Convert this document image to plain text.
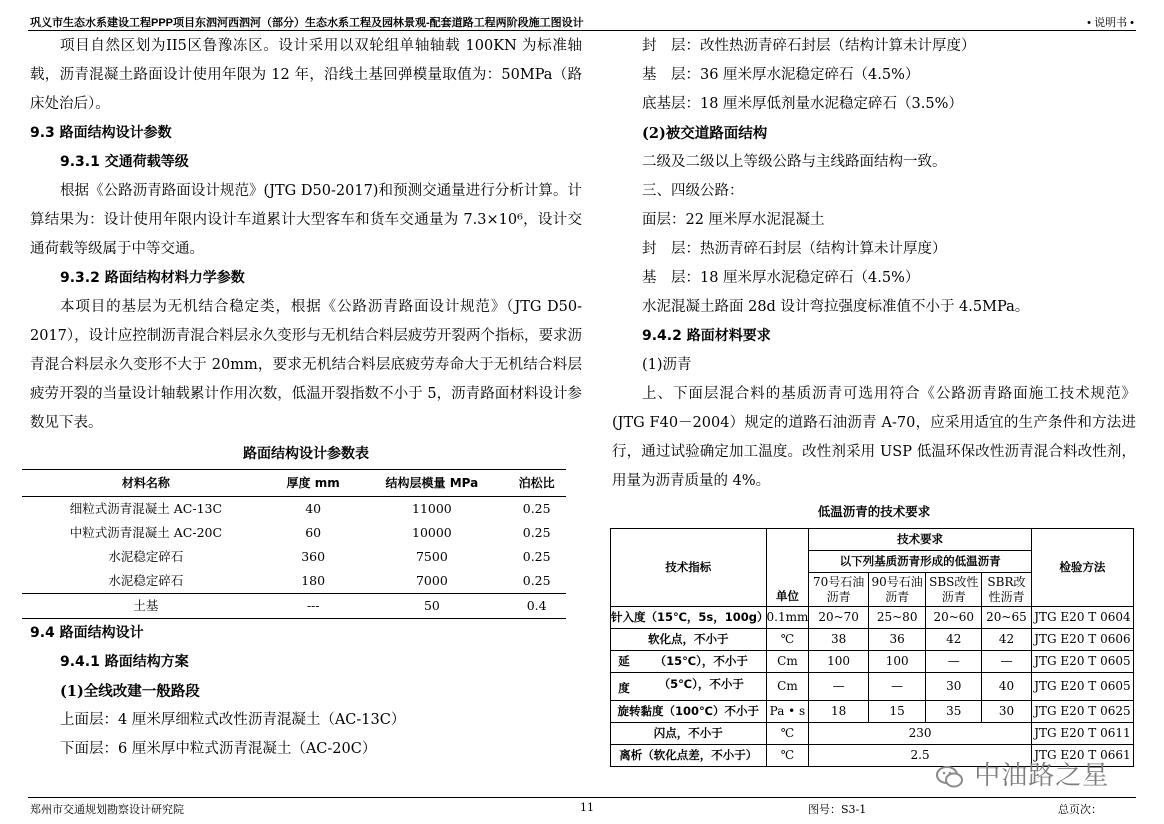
巩义市生态水系建设工程PPP项目东泗河西泗河（部分）生态水系工程及园林景观-配套道路工程两阶段施工图设计	• 说明书 •

项目自然区划为II5区鲁豫冻区。设计采用以双轮组单轴轴载 100KN 为标准轴载，沥青混凝土路面设计使用年限为 12 年，沿线土基回弹模量取值为：50MPa（路床处治后）。

9.3 路面结构设计参数

9.3.1 交通荷载等级

根据《公路沥青路面设计规范》(JTG D50-2017)和预测交通量进行分析计算。计算结果为：设计使用年限内设计车道累计大型客车和货车交通量为 7.3×10⁶，设计交通荷载等级属于中等交通。

9.3.2 路面结构材料力学参数

本项目的基层为无机结合稳定类，根据《公路沥青路面设计规范》（JTG D50-2017），设计应控制沥青混合料层永久变形与无机结合料层疲劳开裂两个指标，要求沥青混合料层永久变形不大于 20mm，要求无机结合料层底疲劳寿命大于无机结合料层疲劳开裂的当量设计轴载累计作用次数，低温开裂指数不小于 5，沥青路面材料设计参数见下表。

路面结构设计参数表

材料名称	厚度 mm	结构层模量 MPa	泊松比
细粒式沥青混凝土 AC-13C	40	11000	0.25
中粒式沥青混凝土 AC-20C	60	10000	0.25
水泥稳定碎石	360	7500	0.25
水泥稳定碎石	180	7000	0.25
土基	---	50	0.4

9.4 路面结构设计

9.4.1 路面结构方案

(1)全线改建一般路段

上面层：4 厘米厚细粒式改性沥青混凝土（AC-13C）

下面层：6 厘米厚中粒式沥青混凝土（AC-20C）

封　层：改性热沥青碎石封层（结构计算未计厚度）

基　层：36 厘米厚水泥稳定碎石（4.5%）

底基层：18 厘米厚低剂量水泥稳定碎石（3.5%）

(2)被交道路面结构

二级及二级以上等级公路与主线路面结构一致。

三、四级公路：

面层：22 厘米厚水泥混凝土

封　层：热沥青碎石封层（结构计算未计厚度）

基　层：18 厘米厚水泥稳定碎石（4.5%）

水泥混凝土路面 28d 设计弯拉强度标准值不小于 4.5MPa。

9.4.2 路面材料要求

(1)沥青

上、下面层混合料的基质沥青可选用符合《公路沥青路面施工技术规范》(JTG F40－2004）规定的道路石油沥青 A-70，应采用适宜的生产条件和方法进行，通过试验确定加工温度。改性剂采用 USP 低温环保改性沥青混合料改性剂，用量为沥青质量的 4%。

低温沥青的技术要求

技术指标	单位	技术要求				检验方法
		以下列基质沥青形成的低温沥青				
		70号石油沥青	90号石油沥青	SBS改性沥青	SBR改性沥青	
针入度（15℃，5s，100g）	0.1mm	20~70	25~80	20~60	20~65	JTG E20 T 0604
软化点，不小于	℃	38	36	42	42	JTG E20 T 0606

延 （15℃），不小于	Cm	100	100	—	—	JTG E20 T 0605

度 （5℃），不小于	Cm	—	—	30	40	JTG E20 T 0605
旋转黏度（100℃）不小于	Pa • s	18	15	35	30	JTG E20 T 0625
闪点，不小于	℃	230				JTG E20 T 0611
离析（软化点差，不小于）	℃	2.5				JTG E20 T 0661
中油路之星
郑州市交通规划勘察设计研究院	11	图号：S3-1	总页次：
